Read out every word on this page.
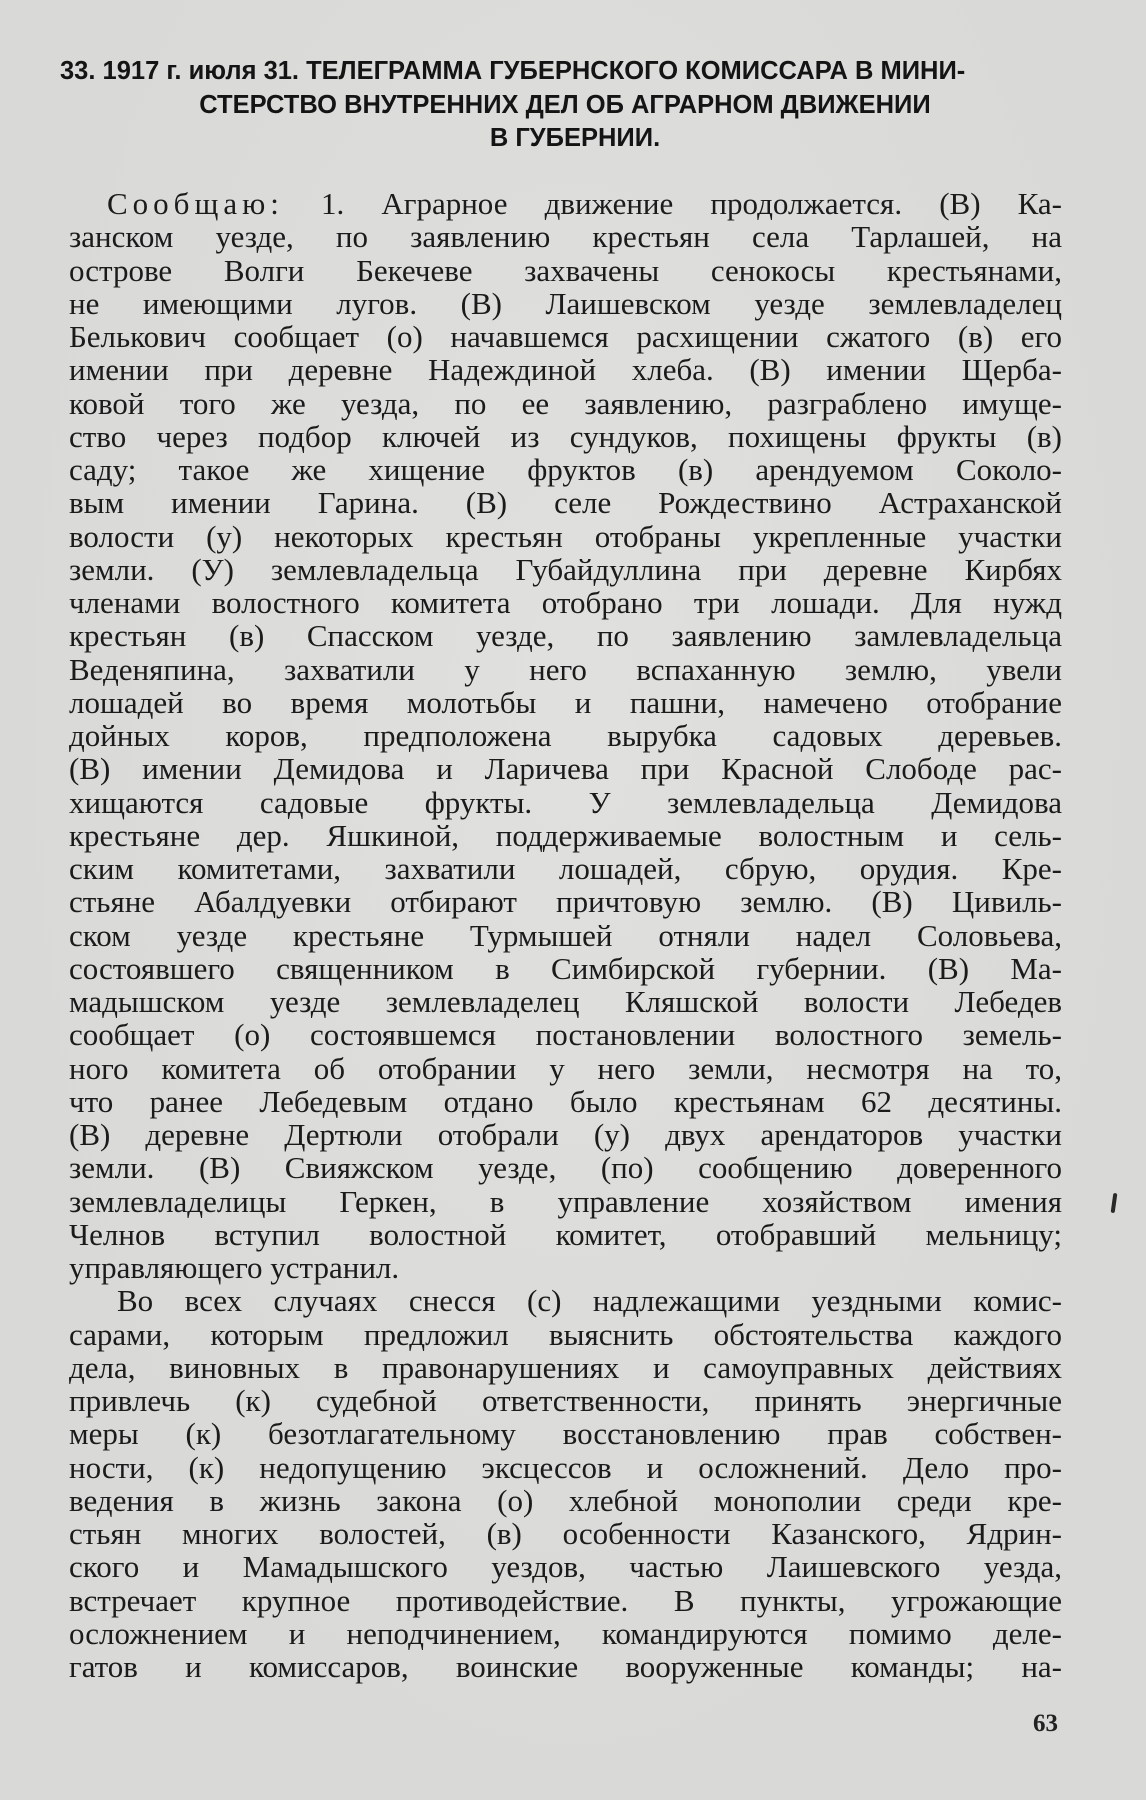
33. 1917 г. июля 31. ТЕЛЕГРАММА ГУБЕРНСКОГО КОМИССАРА В МИНИ-
СТЕРСТВО ВНУТРЕННИХ ДЕЛ ОБ АГРАРНОМ ДВИЖЕНИИ
В ГУБЕРНИИ.
Сообщаю: 1. Аграрное движение продолжается. (В) Ка-
занском уезде, по заявлению крестьян села Тарлашей, на
острове Волги Бекечеве захвачены сенокосы крестьянами,
не имеющими лугов. (В) Лаишевском уезде землевладелец
Белькович сообщает (о) начавшемся расхищении сжатого (в) его
имении при деревне Надеждиной хлеба. (В) имении Щерба-
ковой того же уезда, по ее заявлению, разграблено имуще-
ство через подбор ключей из сундуков, похищены фрукты (в)
саду; такое же хищение фруктов (в) арендуемом Соколо-
вым имении Гарина. (В) селе Рождествино Астраханской
волости (у) некоторых крестьян отобраны укрепленные участки
земли. (У) землевладельца Губайдуллина при деревне Кирбях
членами волостного комитета отобрано три лошади. Для нужд
крестьян (в) Спасском уезде, по заявлению замлевладельца
Веденяпина, захватили у него вспаханную землю, увели
лошадей во время молотьбы и пашни, намечено отобрание
дойных коров, предположена вырубка садовых деревьев.
(В) имении Демидова и Ларичева при Красной Слободе рас-
хищаются садовые фрукты. У землевладельца Демидова
крестьяне дер. Яшкиной, поддерживаемые волостным и сель-
ским комитетами, захватили лошадей, сбрую, орудия. Кре-
стьяне Абалдуевки отбирают причтовую землю. (В) Цивиль-
ском уезде крестьяне Турмышей отняли надел Соловьева,
состоявшего священником в Симбирской губернии. (В) Ма-
мадышском уезде землевладелец Кляшской волости Лебедев
сообщает (о) состоявшемся постановлении волостного земель-
ного комитета об отобрании у него земли, несмотря на то,
что ранее Лебедевым отдано было крестьянам 62 десятины.
(В) деревне Дертюли отобрали (у) двух арендаторов участки
земли. (В) Свияжском уезде, (по) сообщению доверенного
землевладелицы Геркен, в управление хозяйством имения
Челнов вступил волостной комитет, отобравший мельницу;
управляющего устранил.
Во всех случаях снесся (с) надлежащими уездными комис-
сарами, которым предложил выяснить обстоятельства каждого
дела, виновных в правонарушениях и самоуправных действиях
привлечь (к) судебной ответственности, принять энергичные
меры (к) безотлагательному восстановлению прав собствен-
ности, (к) недопущению эксцессов и осложнений. Дело про-
ведения в жизнь закона (о) хлебной монополии среди кре-
стьян многих волостей, (в) особенности Казанского, Ядрин-
ского и Мамадышского уездов, частью Лаишевского уезда,
встречает крупное противодействие. В пункты, угрожающие
осложнением и неподчинением, командируются помимо деле-
гатов и комиссаров, воинские вооруженные команды; на-
63
